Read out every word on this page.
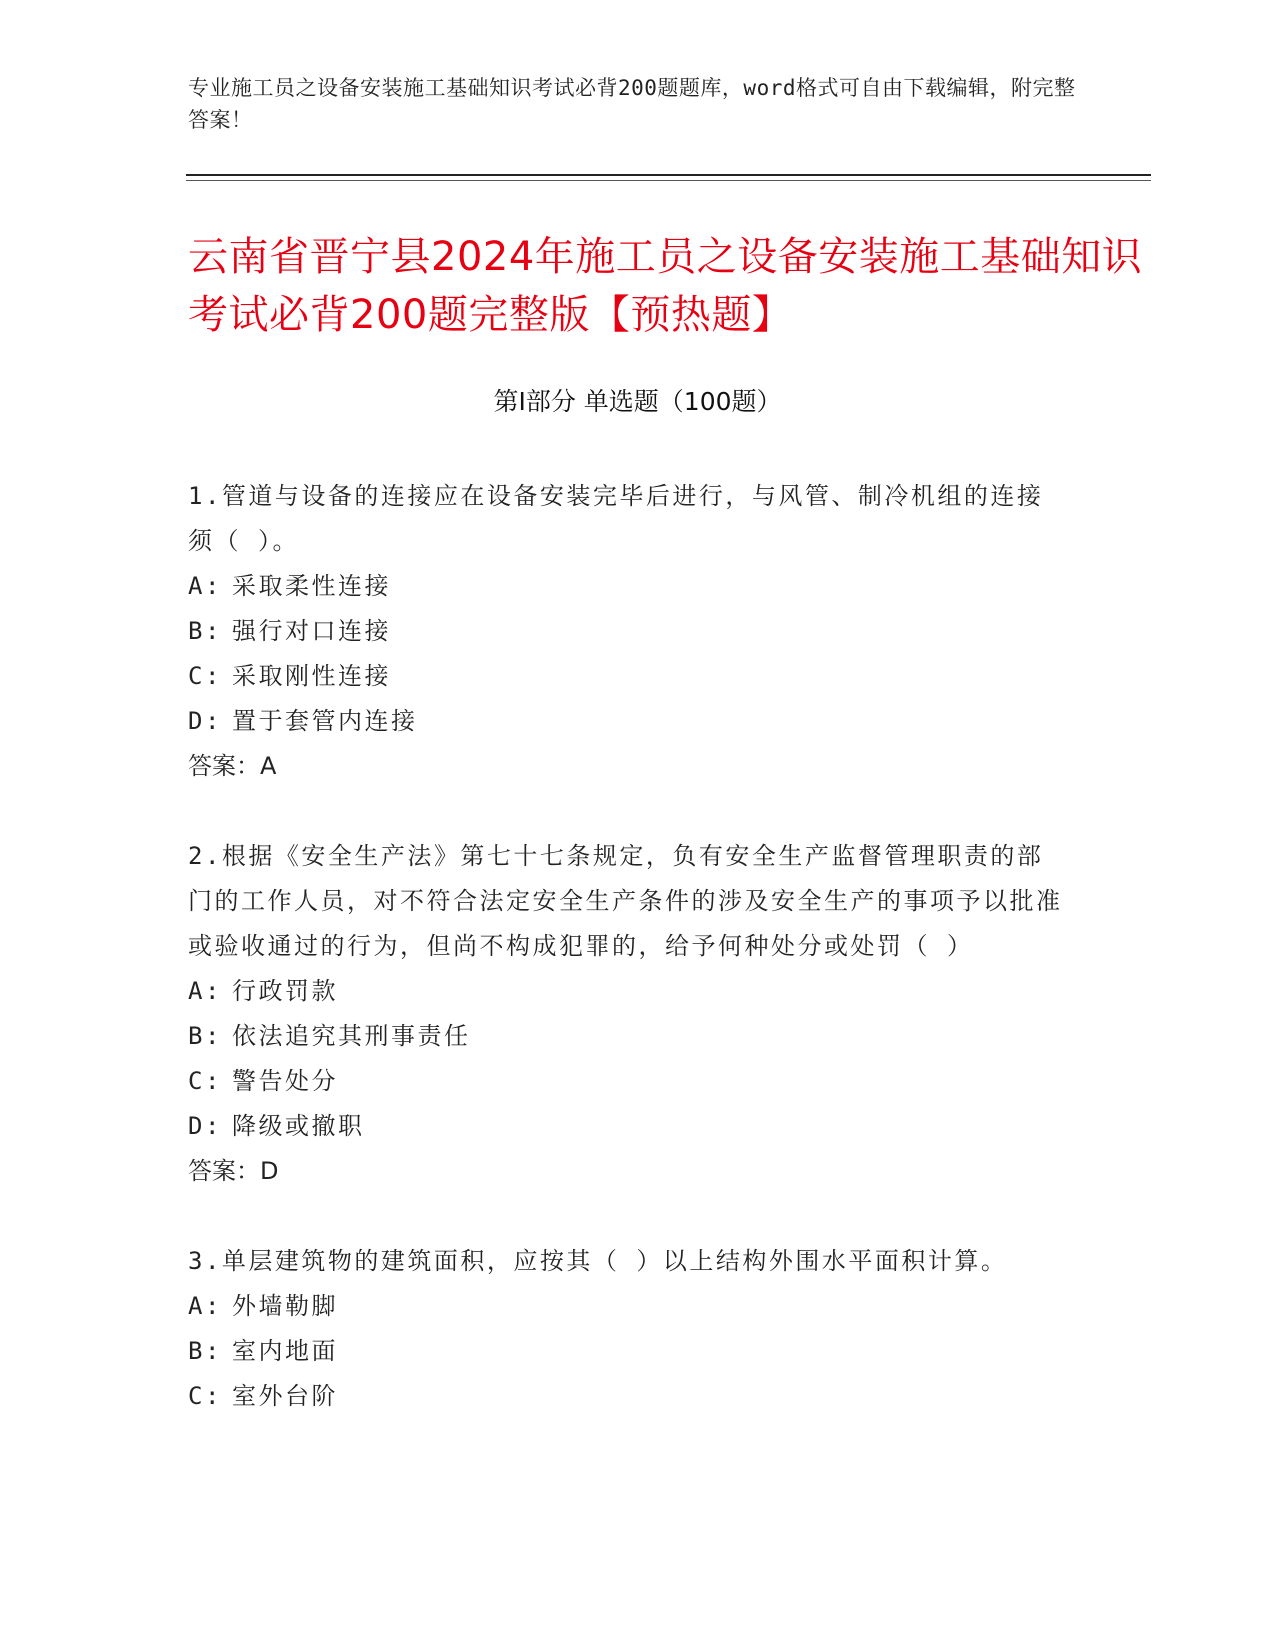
专业施工员之设备安装施工基础知识考试必背200题题库，word格式可自由下载编辑，附完整答案！
云南省晋宁县2024年施工员之设备安装施工基础知识考试必背200题完整版【预热题】
第Ⅰ部分 单选题（100题）
1.管道与设备的连接应在设备安装完毕后进行，与风管、制冷机组的连接须（ ）。
A: 采取柔性连接
B: 强行对口连接
C: 采取刚性连接
D: 置于套管内连接
答案：A
2.根据《安全生产法》第七十七条规定，负有安全生产监督管理职责的部门的工作人员，对不符合法定安全生产条件的涉及安全生产的事项予以批准或验收通过的行为，但尚不构成犯罪的，给予何种处分或处罚（ ）
A: 行政罚款
B: 依法追究其刑事责任
C: 警告处分
D: 降级或撤职
答案：D
3.单层建筑物的建筑面积，应按其（ ）以上结构外围水平面积计算。
A: 外墙勒脚
B: 室内地面
C: 室外台阶
